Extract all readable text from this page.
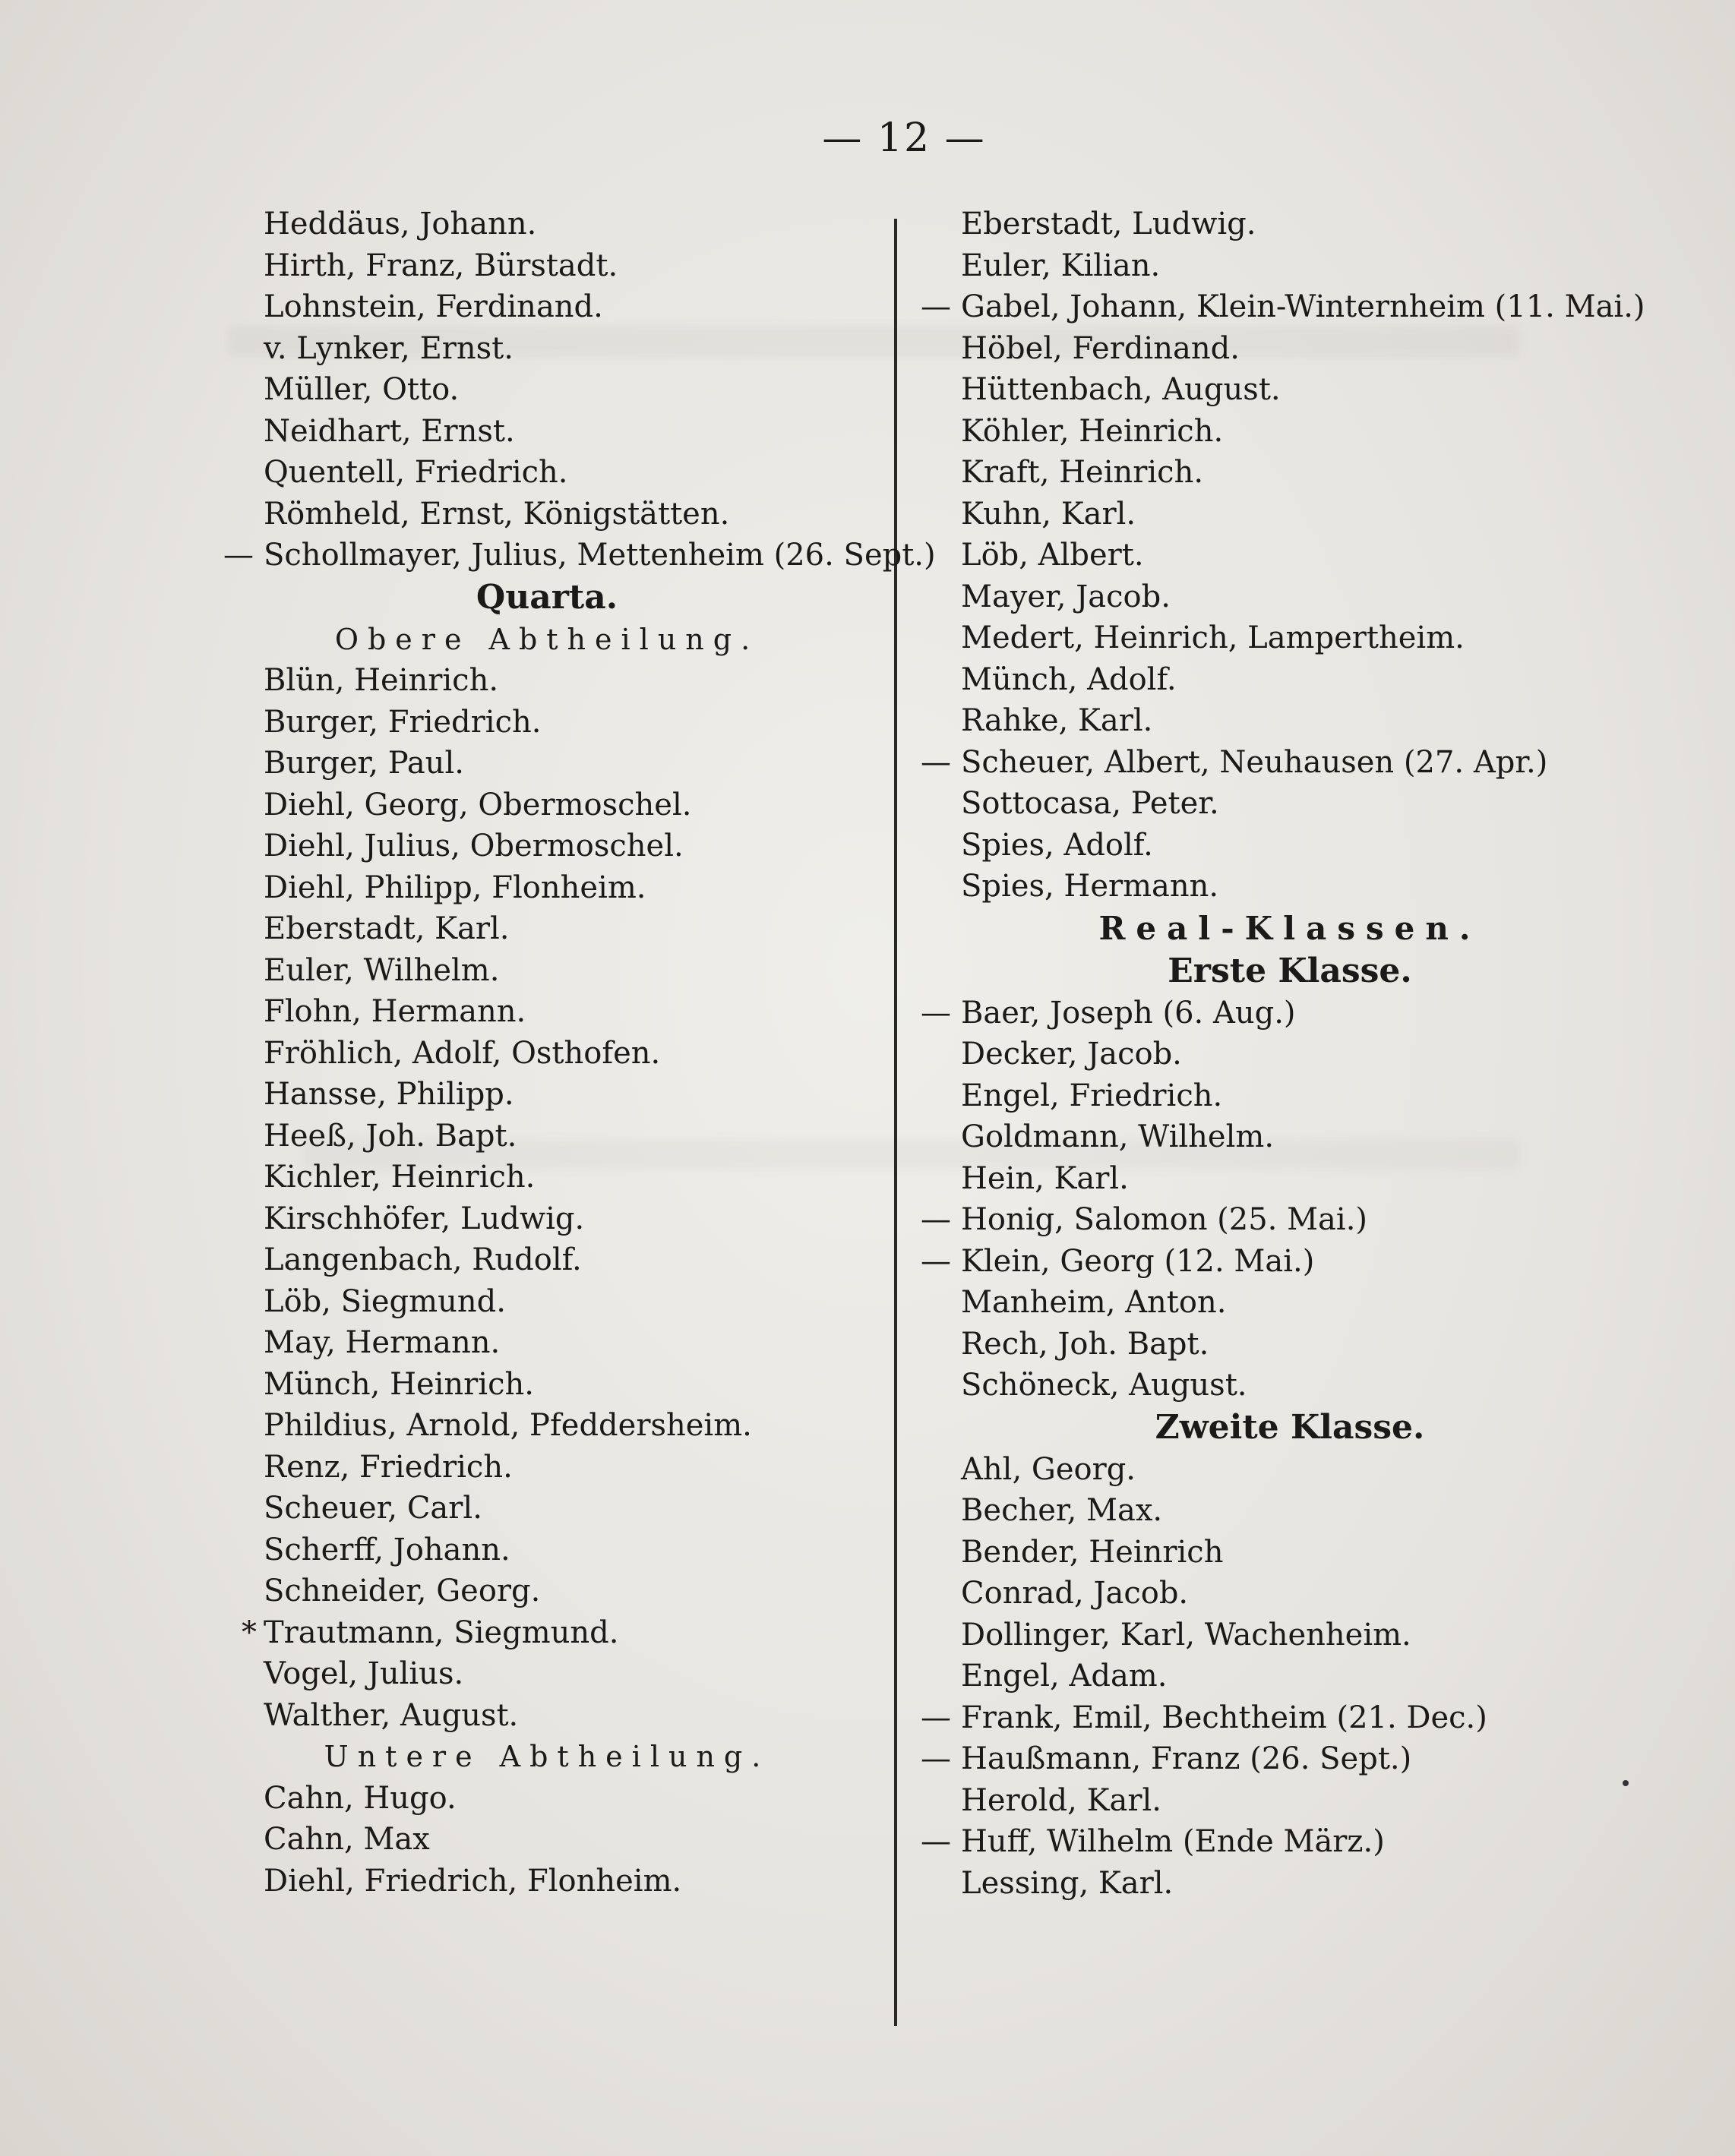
— 12 —
Heddäus, Johann.
Hirth, Franz, Bürstadt.
Lohnstein, Ferdinand.
v. Lynker, Ernst.
Müller, Otto.
Neidhart, Ernst.
Quentell, Friedrich.
Römheld, Ernst, Königstätten.
— Schollmayer, Julius, Mettenheim (26. Sept.)
Quarta.
Obere Abtheilung.
Blün, Heinrich.
Burger, Friedrich.
Burger, Paul.
Diehl, Georg, Obermoschel.
Diehl, Julius, Obermoschel.
Diehl, Philipp, Flonheim.
Eberstadt, Karl.
Euler, Wilhelm.
Flohn, Hermann.
Fröhlich, Adolf, Osthofen.
Hansse, Philipp.
Heeß, Joh. Bapt.
Kichler, Heinrich.
Kirschhöfer, Ludwig.
Langenbach, Rudolf.
Löb, Siegmund.
May, Hermann.
Münch, Heinrich.
Phildius, Arnold, Pfeddersheim.
Renz, Friedrich.
Scheuer, Carl.
Scherff, Johann.
Schneider, Georg.
* Trautmann, Siegmund.
Vogel, Julius.
Walther, August.
Untere Abtheilung.
Cahn, Hugo.
Cahn, Max
Diehl, Friedrich, Flonheim.
Eberstadt, Ludwig.
Euler, Kilian.
— Gabel, Johann, Klein-Winternheim (11. Mai.)
Höbel, Ferdinand.
Hüttenbach, August.
Köhler, Heinrich.
Kraft, Heinrich.
Kuhn, Karl.
Löb, Albert.
Mayer, Jacob.
Medert, Heinrich, Lampertheim.
Münch, Adolf.
Rahke, Karl.
— Scheuer, Albert, Neuhausen (27. Apr.)
Sottocasa, Peter.
Spies, Adolf.
Spies, Hermann.
Real-Klassen.
Erste Klasse.
— Baer, Joseph (6. Aug.)
Decker, Jacob.
Engel, Friedrich.
Goldmann, Wilhelm.
Hein, Karl.
— Honig, Salomon (25. Mai.)
— Klein, Georg (12. Mai.)
Manheim, Anton.
Rech, Joh. Bapt.
Schöneck, August.
Zweite Klasse.
Ahl, Georg.
Becher, Max.
Bender, Heinrich
Conrad, Jacob.
Dollinger, Karl, Wachenheim.
Engel, Adam.
— Frank, Emil, Bechtheim (21. Dec.)
— Haußmann, Franz (26. Sept.)
Herold, Karl.
— Huff, Wilhelm (Ende März.)
Lessing, Karl.
